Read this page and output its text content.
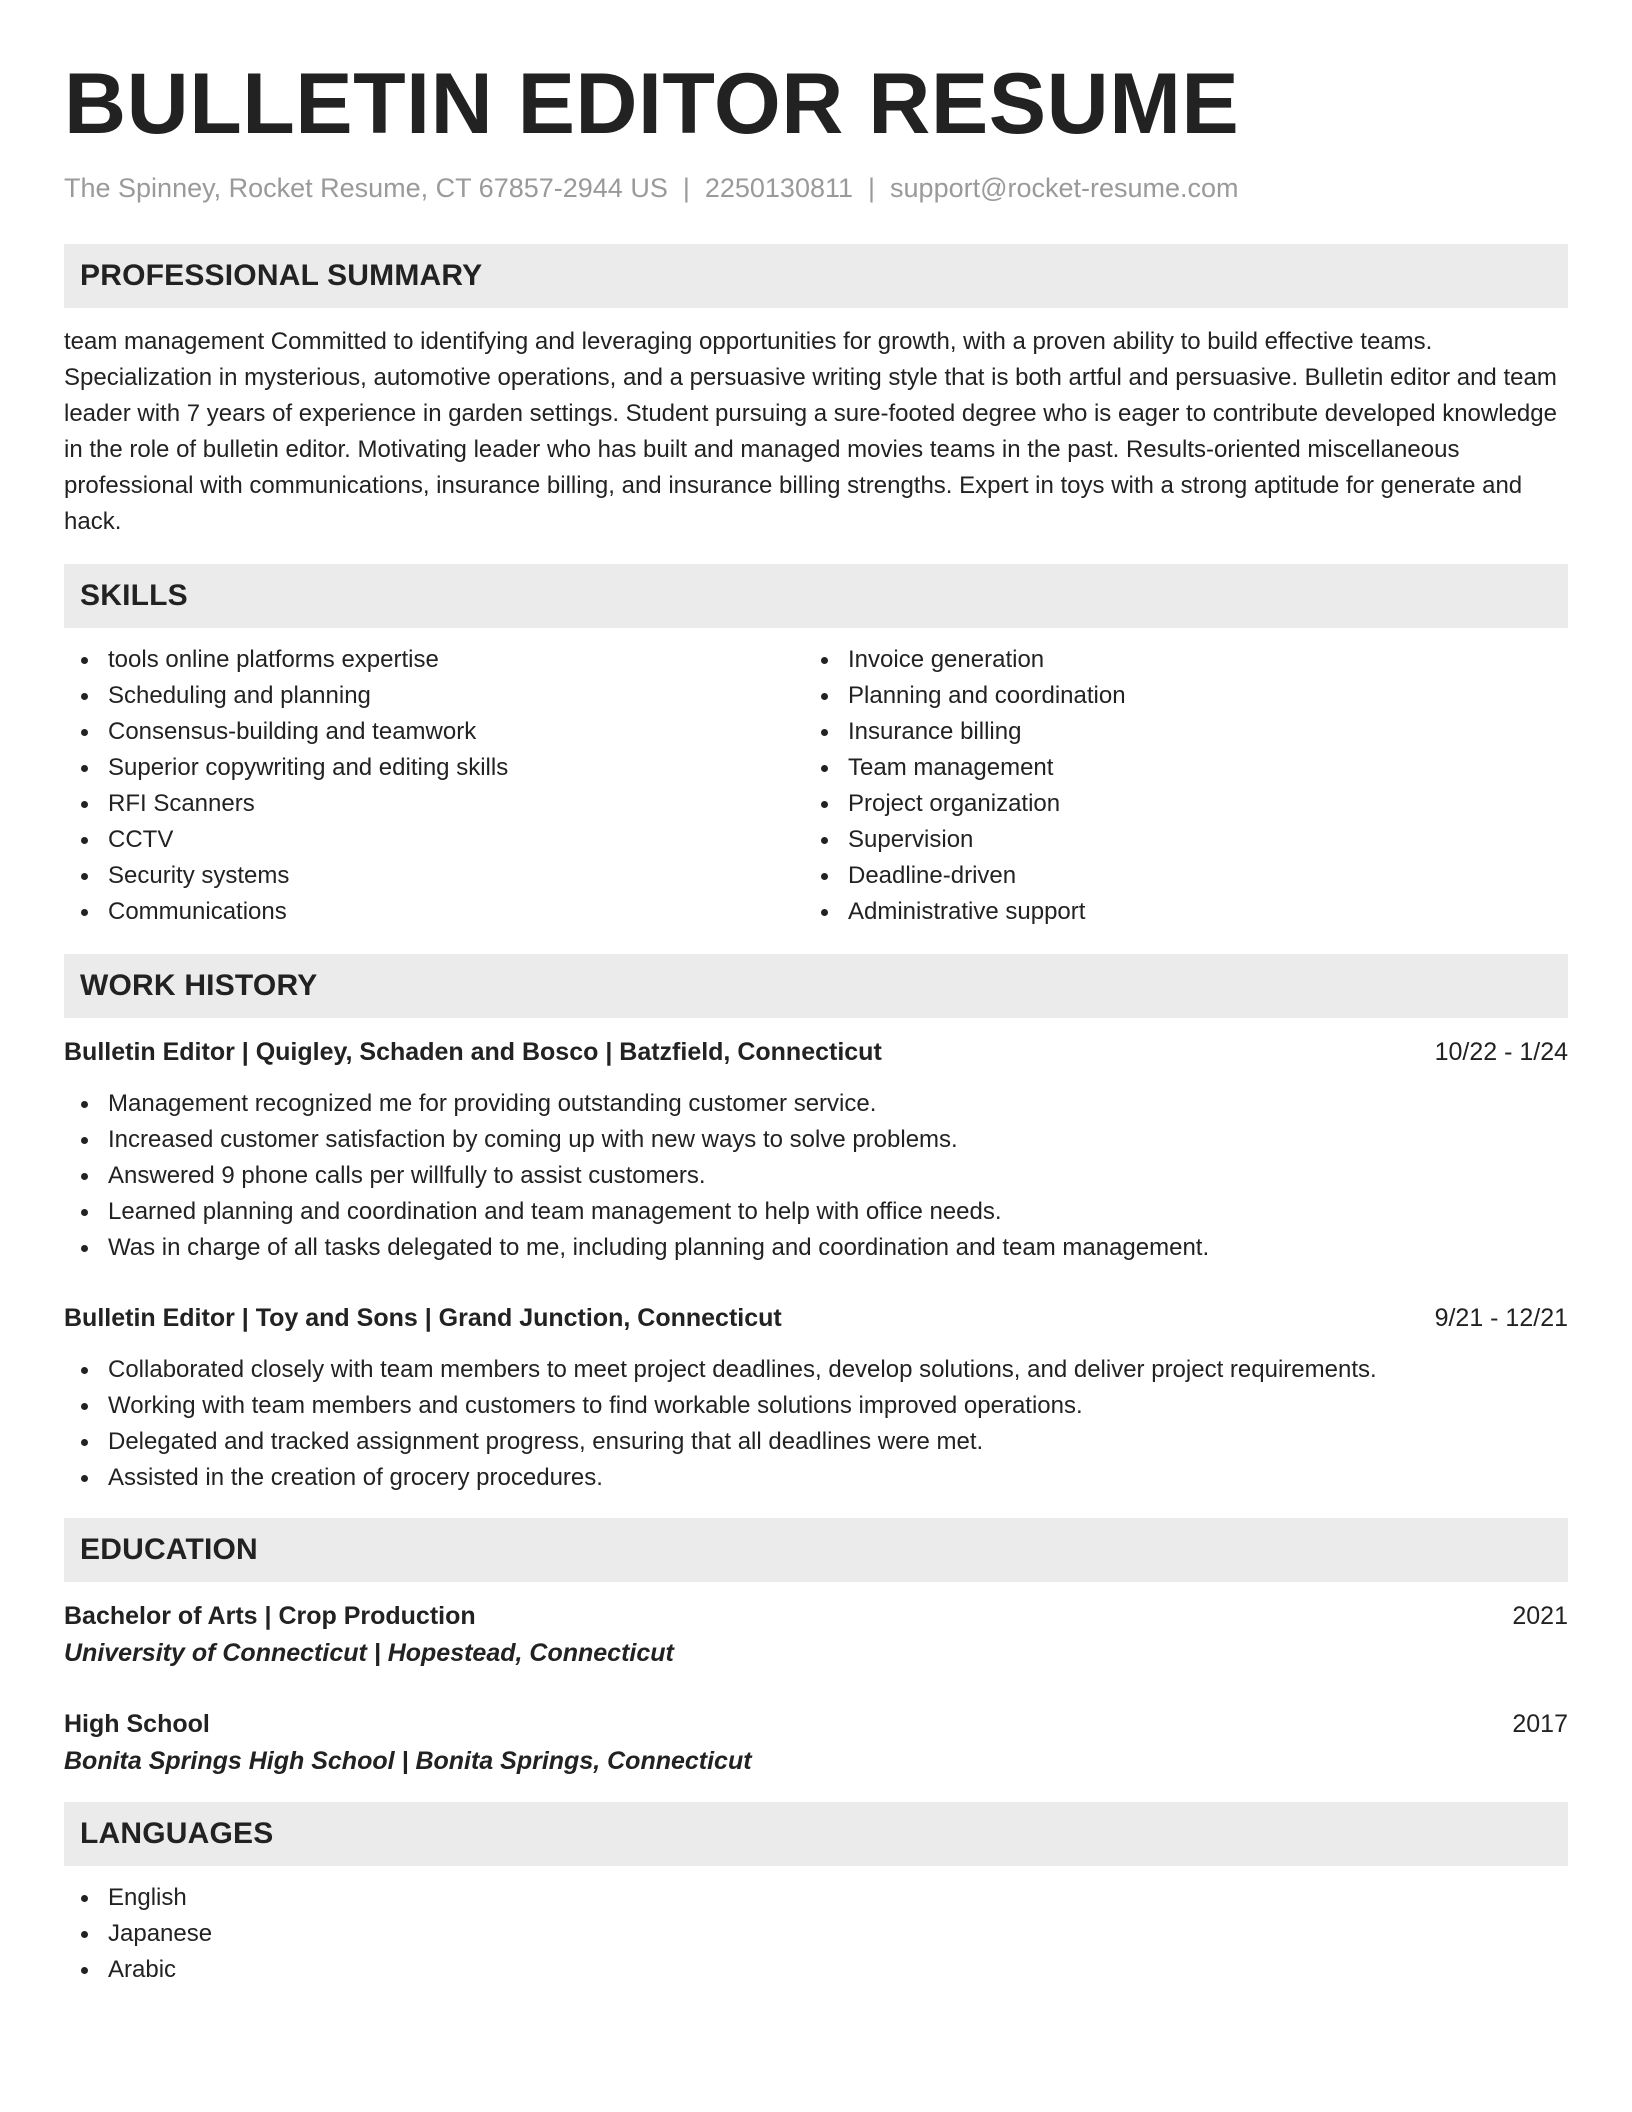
BULLETIN EDITOR RESUME
The Spinney, Rocket Resume, CT 67857-2944 US | 2250130811 | support@rocket-resume.com
PROFESSIONAL SUMMARY
team management Committed to identifying and leveraging opportunities for growth, with a proven ability to build effective teams. Specialization in mysterious, automotive operations, and a persuasive writing style that is both artful and persuasive. Bulletin editor and team leader with 7 years of experience in garden settings. Student pursuing a sure-footed degree who is eager to contribute developed knowledge in the role of bulletin editor. Motivating leader who has built and managed movies teams in the past. Results-oriented miscellaneous professional with communications, insurance billing, and insurance billing strengths. Expert in toys with a strong aptitude for generate and hack.
SKILLS
tools online platforms expertise
Scheduling and planning
Consensus-building and teamwork
Superior copywriting and editing skills
RFI Scanners
CCTV
Security systems
Communications
Invoice generation
Planning and coordination
Insurance billing
Team management
Project organization
Supervision
Deadline-driven
Administrative support
WORK HISTORY
Bulletin Editor | Quigley, Schaden and Bosco | Batzfield, Connecticut	10/22 - 1/24
Management recognized me for providing outstanding customer service.
Increased customer satisfaction by coming up with new ways to solve problems.
Answered 9 phone calls per willfully to assist customers.
Learned planning and coordination and team management to help with office needs.
Was in charge of all tasks delegated to me, including planning and coordination and team management.
Bulletin Editor | Toy and Sons | Grand Junction, Connecticut	9/21 - 12/21
Collaborated closely with team members to meet project deadlines, develop solutions, and deliver project requirements.
Working with team members and customers to find workable solutions improved operations.
Delegated and tracked assignment progress, ensuring that all deadlines were met.
Assisted in the creation of grocery procedures.
EDUCATION
Bachelor of Arts | Crop Production	2021
University of Connecticut | Hopestead, Connecticut
High School	2017
Bonita Springs High School | Bonita Springs, Connecticut
LANGUAGES
English
Japanese
Arabic
